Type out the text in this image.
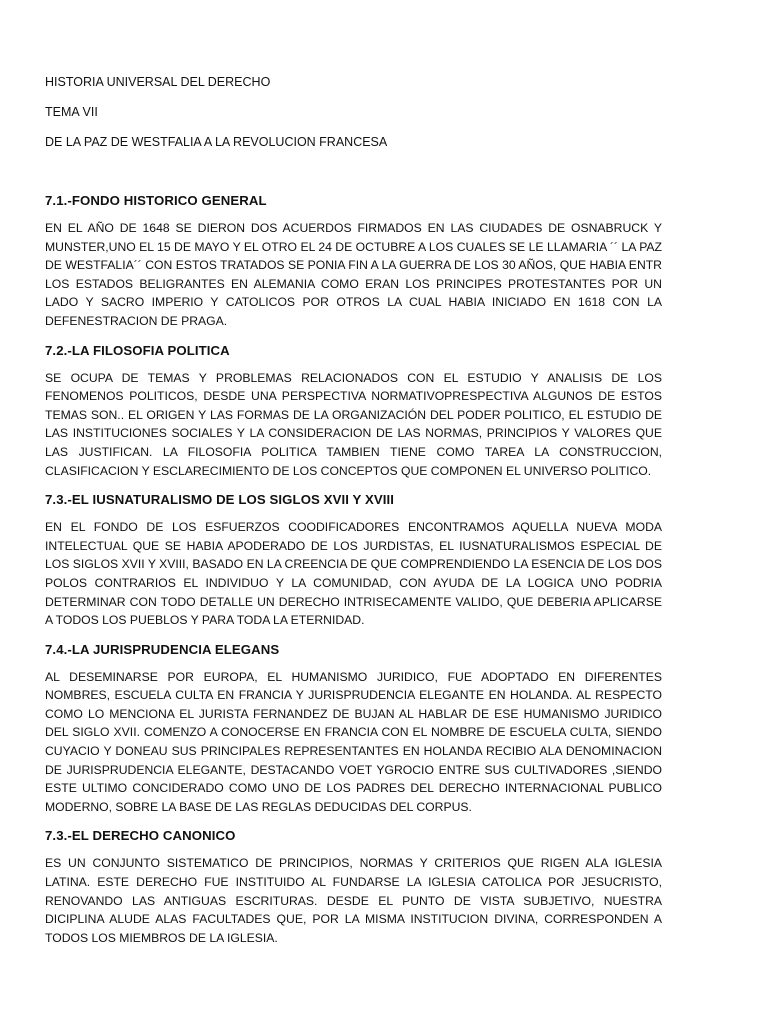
HISTORIA UNIVERSAL DEL DERECHO
TEMA VII
DE LA PAZ DE WESTFALIA A LA REVOLUCION FRANCESA
7.1.-FONDO HISTORICO GENERAL
EN EL AÑO DE 1648 SE DIERON DOS ACUERDOS FIRMADOS EN LAS CIUDADES DE OSNABRUCK Y MUNSTER,UNO EL 15 DE MAYO Y EL OTRO EL 24 DE OCTUBRE A LOS CUALES SE LE LLAMARIA ´´ LA PAZ DE WESTFALIA´´ CON ESTOS TRATADOS SE PONIA FIN A LA GUERRA DE LOS 30 AÑOS, QUE HABIA ENTR LOS ESTADOS BELIGRANTES EN ALEMANIA COMO ERAN LOS PRINCIPES PROTESTANTES POR UN LADO Y SACRO IMPERIO Y CATOLICOS POR OTROS LA CUAL HABIA INICIADO EN 1618 CON LA DEFENESTRACION DE PRAGA.
7.2.-LA FILOSOFIA POLITICA
SE OCUPA DE TEMAS Y PROBLEMAS RELACIONADOS CON EL ESTUDIO Y ANALISIS DE LOS FENOMENOS POLITICOS, DESDE UNA PERSPECTIVA NORMATIVOPRESPECTIVA ALGUNOS DE ESTOS TEMAS SON.. EL ORIGEN Y LAS FORMAS DE LA ORGANIZACIÓN DEL PODER POLITICO, EL ESTUDIO DE LAS INSTITUCIONES SOCIALES Y LA CONSIDERACION DE LAS NORMAS, PRINCIPIOS Y VALORES QUE LAS JUSTIFICAN. LA FILOSOFIA POLITICA TAMBIEN TIENE COMO TAREA LA CONSTRUCCION, CLASIFICACION Y ESCLARECIMIENTO DE LOS CONCEPTOS QUE COMPONEN EL UNIVERSO POLITICO.
7.3.-EL IUSNATURALISMO DE LOS SIGLOS XVII Y XVIII
EN EL FONDO DE LOS ESFUERZOS COODIFICADORES ENCONTRAMOS AQUELLA NUEVA MODA INTELECTUAL QUE SE HABIA APODERADO DE LOS JURDISTAS, EL IUSNATURALISMOS ESPECIAL DE LOS SIGLOS XVII Y XVIII, BASADO EN LA CREENCIA DE QUE COMPRENDIENDO LA ESENCIA DE LOS DOS POLOS CONTRARIOS EL INDIVIDUO Y LA COMUNIDAD, CON AYUDA DE LA LOGICA UNO PODRIA DETERMINAR CON TODO DETALLE UN DERECHO INTRISECAMENTE VALIDO, QUE DEBERIA APLICARSE A TODOS LOS PUEBLOS Y PARA TODA LA ETERNIDAD.
7.4.-LA JURISPRUDENCIA ELEGANS
AL DESEMINARSE POR EUROPA, EL HUMANISMO JURIDICO, FUE ADOPTADO EN DIFERENTES NOMBRES, ESCUELA CULTA EN FRANCIA Y JURISPRUDENCIA ELEGANTE EN HOLANDA. AL RESPECTO COMO LO MENCIONA EL JURISTA FERNANDEZ DE BUJAN AL HABLAR DE ESE HUMANISMO JURIDICO DEL SIGLO XVII. COMENZO A CONOCERSE EN FRANCIA CON EL NOMBRE DE ESCUELA CULTA, SIENDO CUYACIO Y DONEAU SUS PRINCIPALES REPRESENTANTES EN HOLANDA RECIBIO ALA DENOMINACION DE JURISPRUDENCIA ELEGANTE, DESTACANDO VOET YGROCIO ENTRE SUS CULTIVADORES ,SIENDO ESTE ULTIMO CONCIDERADO COMO UNO DE LOS PADRES DEL DERECHO INTERNACIONAL PUBLICO MODERNO, SOBRE LA BASE DE LAS REGLAS DEDUCIDAS DEL CORPUS.
7.3.-EL DERECHO CANONICO
ES UN CONJUNTO SISTEMATICO DE PRINCIPIOS, NORMAS Y CRITERIOS QUE RIGEN ALA IGLESIA LATINA. ESTE DERECHO FUE INSTITUIDO AL FUNDARSE LA IGLESIA CATOLICA POR JESUCRISTO, RENOVANDO LAS ANTIGUAS ESCRITURAS. DESDE EL PUNTO DE VISTA SUBJETIVO, NUESTRA DICIPLINA ALUDE ALAS FACULTADES QUE, POR LA MISMA INSTITUCION DIVINA, CORRESPONDEN A TODOS LOS MIEMBROS DE LA IGLESIA.
